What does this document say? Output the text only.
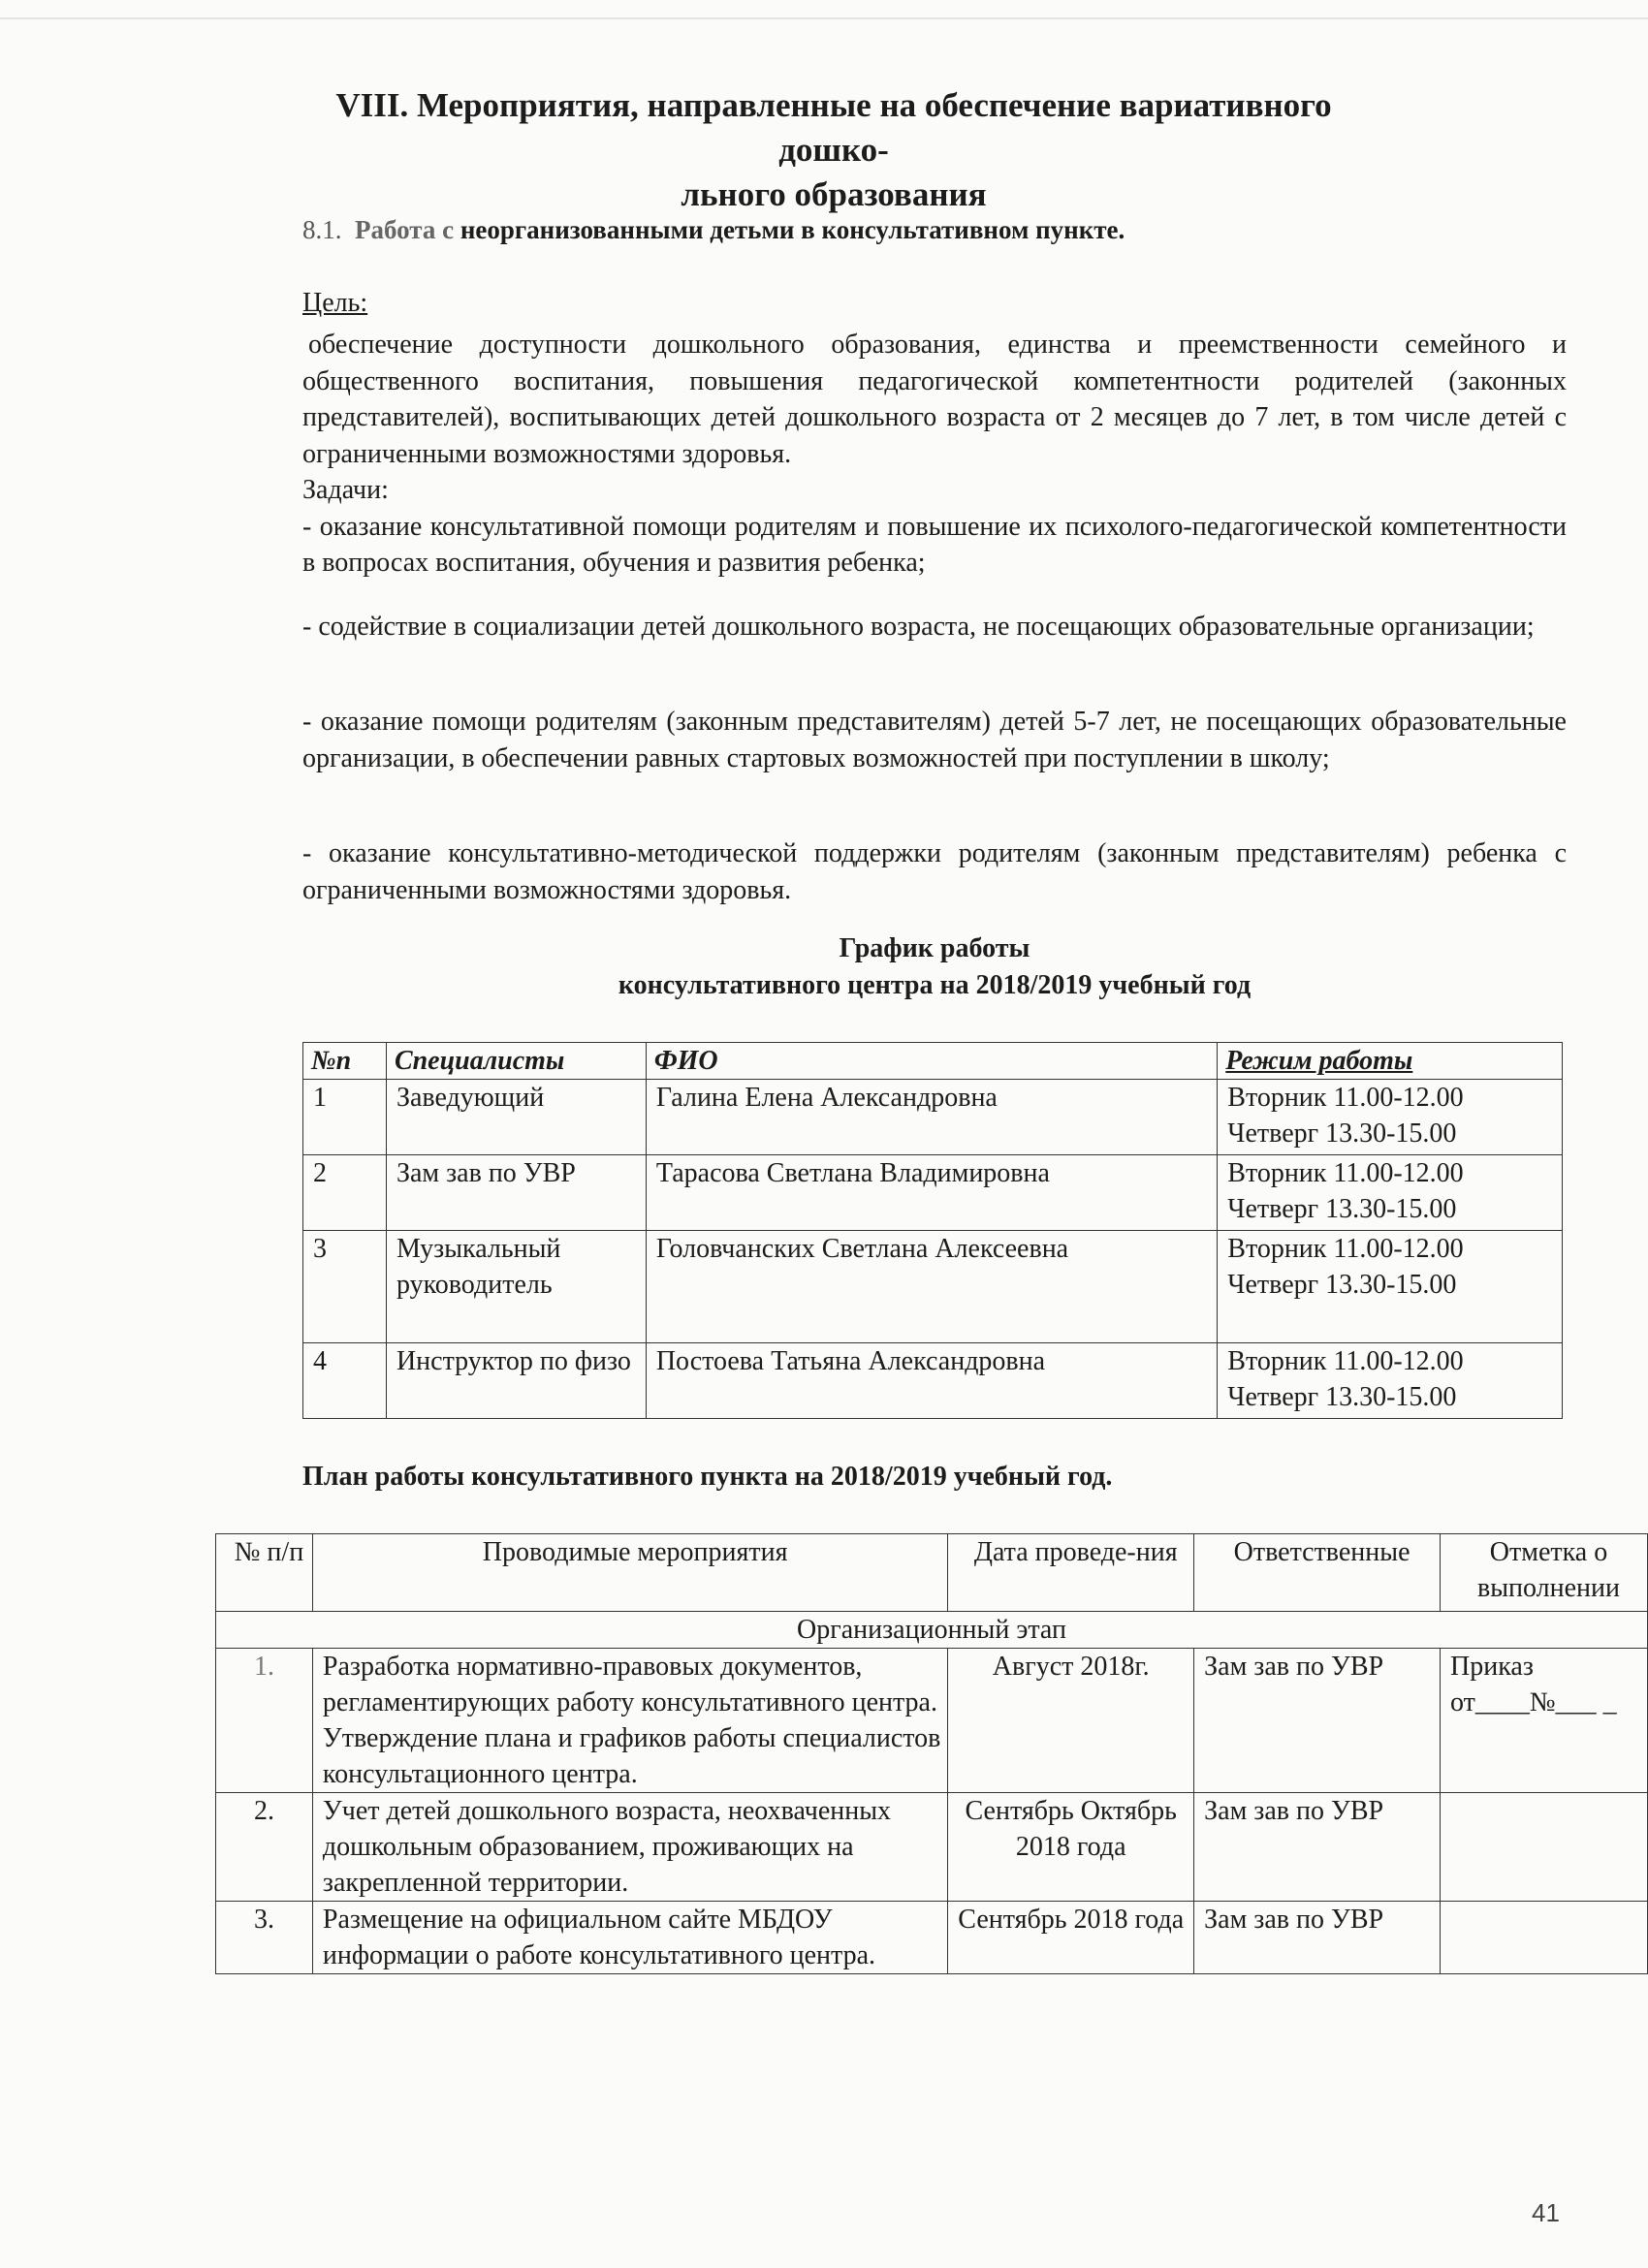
VIII. Мероприятия, направленные на обеспечение вариативного дошко-
льного образования
8.1. Работа с неорганизованными детьми в консультативном пункте.
Цель:
обеспечение доступности дошкольного образования, единства и преемственности семейного и общественного воспитания, повышения педагогической компетентности родителей (законных представителей), воспитывающих детей дошкольного возраста от 2 месяцев до 7 лет, в том числе детей с ограниченными возможностями здоровья.
Задачи:
- оказание консультативной помощи родителям и повышение их психолого-педагогической компетентности в вопросах воспитания, обучения и развития ребенка;
- содействие в социализации детей дошкольного возраста, не посещающих образовательные организации;
- оказание помощи родителям (законным представителям) детей 5-7 лет, не посещающих образовательные организации, в обеспечении равных стартовых возможностей при поступлении в школу;
- оказание консультативно-методической поддержки родителям (законным представителям) ребенка с ограниченными возможностями здоровья.
График работы
консультативного центра на 2018/2019 учебный год
№п	Специалисты	ФИО	Режим работы
1	Заведующий	Галина Елена Александровна	Вторник 11.00-12.00
Четверг 13.30-15.00

2	Зам зав по УВР	Тарасова Светлана Владимировна	Вторник 11.00-12.00
Четверг 13.30-15.00

3	Музыкальный руководитель	Головчанских Светлана Алексеевна	Вторник 11.00-12.00
Четверг 13.30-15.00

4	Инструктор по физо	Постоева Татьяна Александровна	Вторник 11.00-12.00
Четверг 13.30-15.00
План работы консультативного пункта на 2018/2019 учебный год.
№ п/п	Проводимые мероприятия	Дата проведе-ния	Ответственные	Отметка о выполнении
Организационный этап				
1.	Разработка нормативно-правовых документов, регламентирующих работу консультативного центра. Утверждение плана и графиков работы специалистов консультационного центра.	Август 2018г.	Зам зав по УВР	Приказ от____№___ _
2.	Учет детей дошкольного возраста, неохваченных дошкольным образованием, проживающих на закрепленной территории.	Сентябрь Октябрь 2018 года	Зам зав по УВР	
3.	Размещение на официальном сайте МБДОУ информации о работе консультативного центра.	Сентябрь 2018 года	Зам зав по УВР	
41
